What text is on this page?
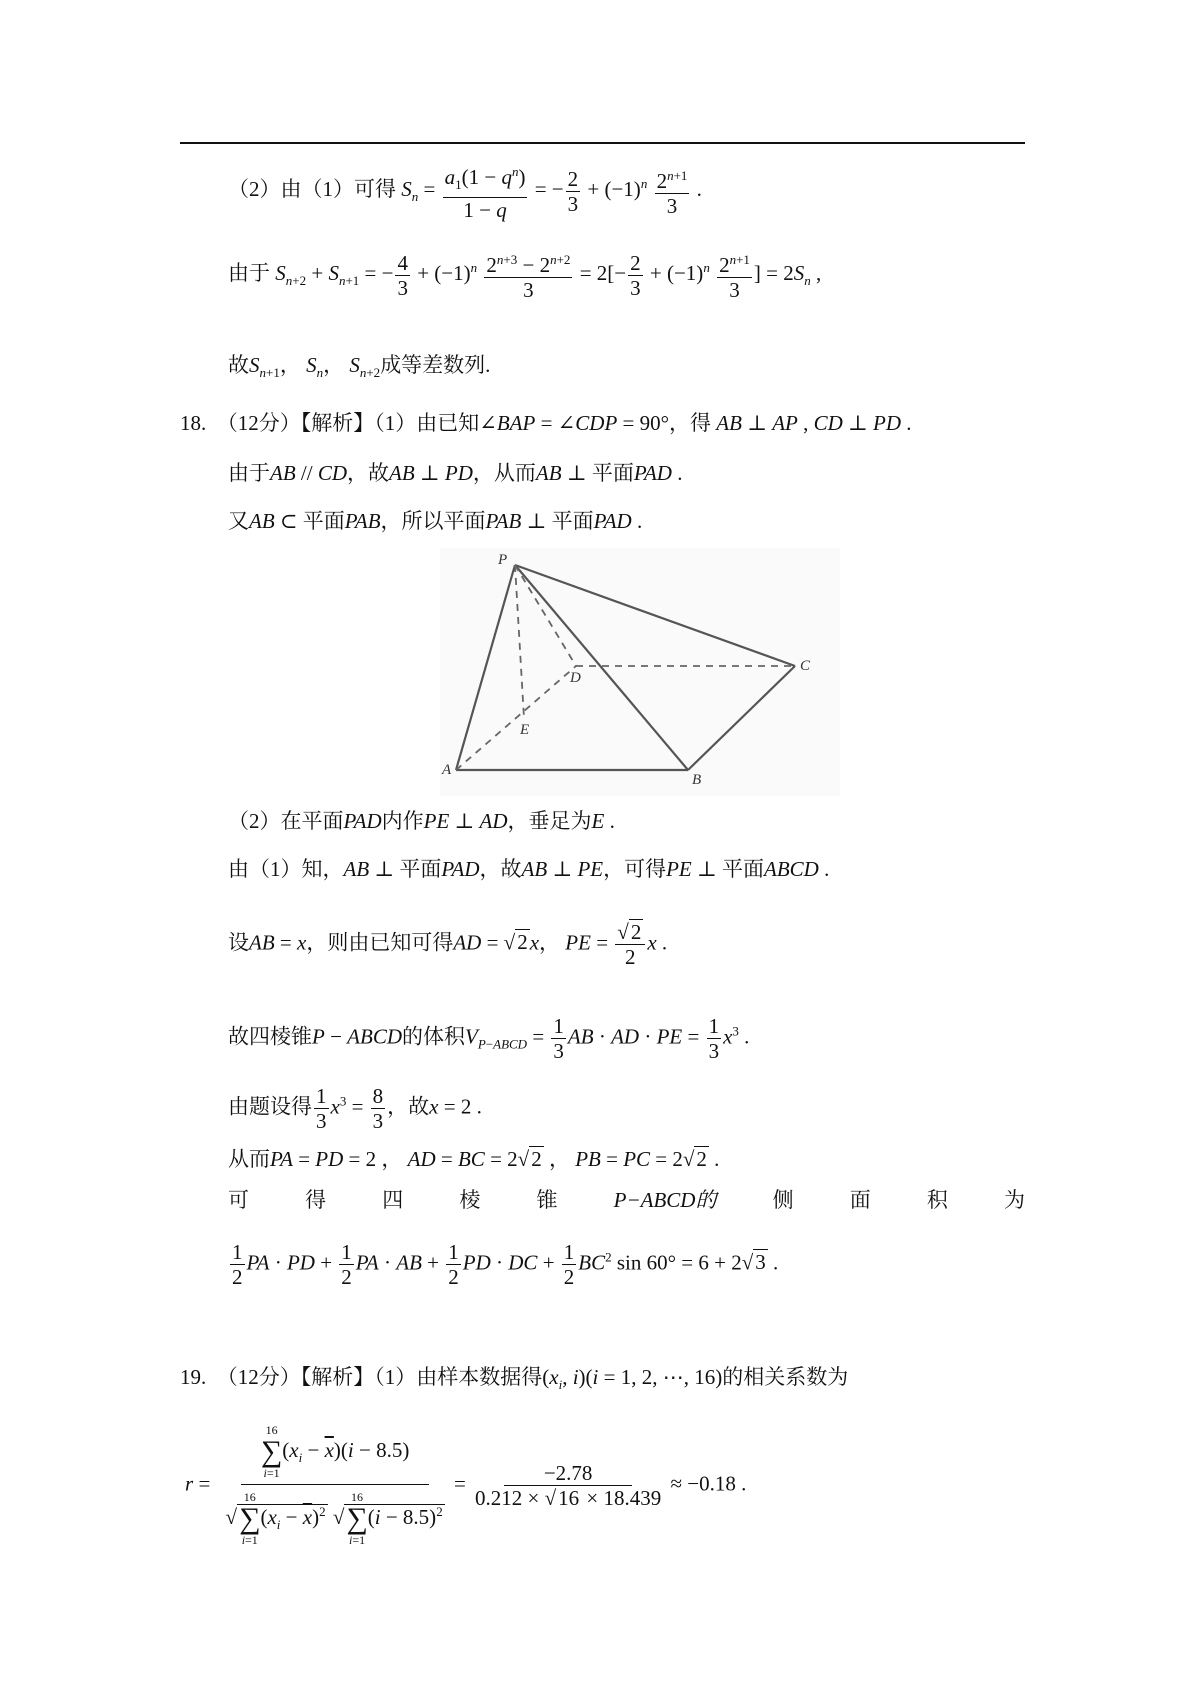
（2）由（1）可得 $S_n = \frac{a_1(1 - q^n)}{1 - q}$ = − $\frac{2}{3} + (-1)^n \frac{2^{n+1}}{3}$ .
由于 $S_{n+2} + S_{n+1}$ = − $\frac{4}{3} + (-1)^n \frac{2^{n+3} - 2^{n+2}}{3} = 2[- \frac{2}{3} + (-1)^n \frac{2^{n+1}}{3}$ ] = $2S_n$ ,
故$S_{n+1}$， $S_n$， $S_{n+2}$成等差数列.
18. （12分）【解析】（1）由已知∠BAP = ∠CDP = 90°，得 AB ⊥ AP , CD ⊥ PD .
由于AB // CD，故AB ⊥ PD，从而AB ⊥ 平面PAD .
又AB ⊂ 平面PAB，所以平面PAB ⊥ 平面PAD .
P
D
C
E
A
B
（2）在平面PAD内作PE ⊥ AD，垂足为E .
由（1）知，AB ⊥ 平面PAD，故AB ⊥ PE，可得PE ⊥ 平面ABCD .
设AB = x，则由已知可得AD = √2x， PE = $\frac{√2}{2}$ x .
故四棱锥P − ABCD的体积$V_{P-ABCD} = \frac{1}{3}$ AB · AD · PE = $\frac{1}{3} x^3$ .
由题设得 $\frac{1}{3} x^3 = \frac{8}{3}$ ，故x = 2 .
从而PA = PD = 2 ， AD = BC = 2√2 ， PB = PC = 2√2 .
可	得	四	棱	锥	P−ABCD的	侧	面	积	为
$\frac{1}{2}$ PA · PD + $\frac{1}{2}$ PA · AB + $\frac{1}{2}$ PD · DC + $\frac{1}{2} BC^2$ sin 60° = 6 + 2√3 .
19. （12分）【解析】（1）由样本数据得($x_i$, i)(i = 1, 2, ⋯, 16)的相关系数为
r = 16
∑
i=1
$(x_i - \overline{x})(i - 8.5)$
√
16
∑
i=1
$(x_i - \overline{x})^2$ √
16
∑
i=1
$(i - 8.5)^2 = \frac{-2.78}{0.212 \times √16 \times 18.439} \approx -0.18$ .
